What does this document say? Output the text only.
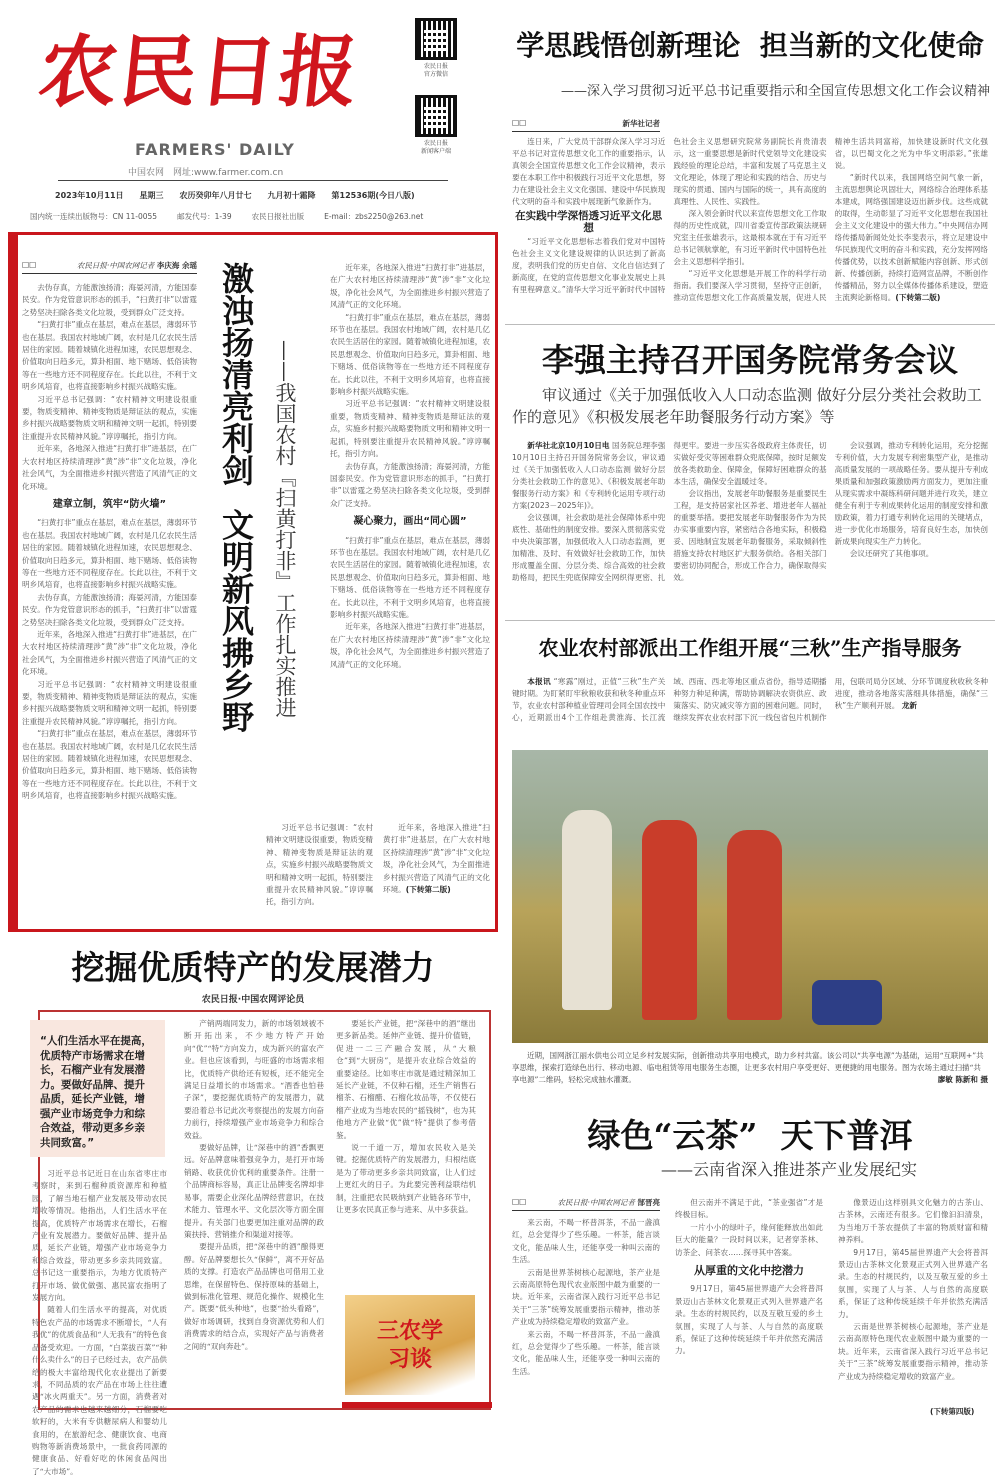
农民日报
FARMERS' DAILY
中国农网　网址:www.farmer.com.cn
2023年10月11日 星期三 农历癸卯年八月廿七 九月初十霜降 第12536期(今日八版)
国内统一连续出版物号：CN 11-0055	邮发代号：1-39	农民日报社出版	E-mail：zbs2250@263.net
农民日报
官方微信
农民日报
新闻客户端
学思践悟创新理论  担当新的文化使命
——深入学习贯彻习近平总书记重要指示和全国宣传思想文化工作会议精神
□□	新华社记者

连日来，广大党员干部群众深入学习习近平总书记对宣传思想文化工作的重要指示，认真领会全国宣传思想文化工作会议精神，表示要在本职工作中积极践行习近平文化思想，努力在建设社会主义文化强国、建设中华民族现代文明的奋斗和实践中展现新气象新作为。

在实践中学深悟透习近平文化思想

“习近平文化思想标志着我们党对中国特色社会主义文化建设规律的认识达到了新高度，表明我们党的历史自信、文化自信达到了新高度，在党的宣传思想文化事业发展史上具有里程碑意义。”清华大学习近平新时代中国特色社会主义思想研究院常务副院长肖贵清表示，这一重要思想是新时代党领导文化建设实践经验的理论总结，丰富和发展了马克思主义文化理论，体现了理论和实践的结合、历史与现实的贯通、国内与国际的统一，具有高度的真理性、人民性、实践性。

深入领会新时代以来宣传思想文化工作取得的历史性成就，四川省委宣传部政策法规研究室主任张雄表示，这最根本就在于有习近平总书记领航掌舵，有习近平新时代中国特色社会主义思想科学指引。

“习近平文化思想是开展工作的科学行动指南。我们要深入学习贯彻，坚持守正创新，推动宣传思想文化工作高质量发展，促进人民精神生活共同富裕，加快建设新时代文化强省，以巴蜀文化之光为中华文明添彩。”张雄说。

“新时代以来，我国网络空间气象一新，主流思想舆论巩固壮大，网络综合治理体系基本建成，网络强国建设迈出新步伐。这些成就的取得，生动彰显了习近平文化思想在我国社会主义文化建设中的强大伟力。”中央网信办网络传播局新闻处处长李斐表示，将立足建设中华民族现代文明的奋斗和实践，充分发挥网络传播优势，以技术创新赋能内容创新、形式创新、传播创新，持续打造网宣品牌，不断创作传播精品，努力以全媒体传播体系建设，塑造主流舆论新格局。(下转第二版)

□□	农民日报·中国农网记者 李庆海 余瑶

去伪存真，方能激浊扬清；海晏河清，方能国泰民安。作为党管意识形态的抓手，“扫黄打非”以雷霆之势坚决扫除各类文化垃圾，受到群众广泛支持。

“扫黄打非”重点在基层，难点在基层，薄弱环节也在基层。我国农村地域广阔，农村是几亿农民生活居住的家园。随着城镇化进程加速，农民思想观念、价值取向日趋多元，算卦相面、地下赌场、低俗读物等在一些地方还不同程度存在。长此以往，不利于文明乡风培育，也将直接影响乡村振兴战略实施。

习近平总书记强调：“农村精神文明建设很重要，物质变精神、精神变物质是辩证法的观点，实施乡村振兴战略要物质文明和精神文明一起抓，特别要注重提升农民精神风貌。”谆谆嘱托，指引方向。

近年来，各地深入推进“扫黄打非”进基层，在广大农村地区持续清理涉“黄”涉“非”文化垃圾，净化社会风气，为全面推进乡村振兴营造了风清气正的文化环境。

建章立制，筑牢“防火墙”

“扫黄打非”重点在基层，难点在基层，薄弱环节也在基层。我国农村地域广阔，农村是几亿农民生活居住的家园。随着城镇化进程加速，农民思想观念、价值取向日趋多元，算卦相面、地下赌场、低俗读物等在一些地方还不同程度存在。长此以往，不利于文明乡风培育，也将直接影响乡村振兴战略实施。

去伪存真，方能激浊扬清；海晏河清，方能国泰民安。作为党管意识形态的抓手，“扫黄打非”以雷霆之势坚决扫除各类文化垃圾，受到群众广泛支持。

近年来，各地深入推进“扫黄打非”进基层，在广大农村地区持续清理涉“黄”涉“非”文化垃圾，净化社会风气，为全面推进乡村振兴营造了风清气正的文化环境。

习近平总书记强调：“农村精神文明建设很重要，物质变精神、精神变物质是辩证法的观点，实施乡村振兴战略要物质文明和精神文明一起抓，特别要注重提升农民精神风貌。”谆谆嘱托，指引方向。

“扫黄打非”重点在基层，难点在基层，薄弱环节也在基层。我国农村地域广阔，农村是几亿农民生活居住的家园。随着城镇化进程加速，农民思想观念、价值取向日趋多元，算卦相面、地下赌场、低俗读物等在一些地方还不同程度存在。长此以往，不利于文明乡风培育，也将直接影响乡村振兴战略实施。

激浊扬清亮利剑  文明新风拂乡野 ——我国农村『扫黄打非』工作扎实推进

近年来，各地深入推进“扫黄打非”进基层，在广大农村地区持续清理涉“黄”涉“非”文化垃圾，净化社会风气，为全面推进乡村振兴营造了风清气正的文化环境。

“扫黄打非”重点在基层，难点在基层，薄弱环节也在基层。我国农村地域广阔，农村是几亿农民生活居住的家园。随着城镇化进程加速，农民思想观念、价值取向日趋多元，算卦相面、地下赌场、低俗读物等在一些地方还不同程度存在。长此以往，不利于文明乡风培育，也将直接影响乡村振兴战略实施。

习近平总书记强调：“农村精神文明建设很重要，物质变精神、精神变物质是辩证法的观点，实施乡村振兴战略要物质文明和精神文明一起抓，特别要注重提升农民精神风貌。”谆谆嘱托，指引方向。

去伪存真，方能激浊扬清；海晏河清，方能国泰民安。作为党管意识形态的抓手，“扫黄打非”以雷霆之势坚决扫除各类文化垃圾，受到群众广泛支持。

凝心聚力，画出“同心圆”

“扫黄打非”重点在基层，难点在基层，薄弱环节也在基层。我国农村地域广阔，农村是几亿农民生活居住的家园。随着城镇化进程加速，农民思想观念、价值取向日趋多元，算卦相面、地下赌场、低俗读物等在一些地方还不同程度存在。长此以往，不利于文明乡风培育，也将直接影响乡村振兴战略实施。

近年来，各地深入推进“扫黄打非”进基层，在广大农村地区持续清理涉“黄”涉“非”文化垃圾，净化社会风气，为全面推进乡村振兴营造了风清气正的文化环境。

习近平总书记强调：“农村精神文明建设很重要，物质变精神、精神变物质是辩证法的观点，实施乡村振兴战略要物质文明和精神文明一起抓，特别要注重提升农民精神风貌。”谆谆嘱托，指引方向。

近年来，各地深入推进“扫黄打非”进基层，在广大农村地区持续清理涉“黄”涉“非”文化垃圾，净化社会风气，为全面推进乡村振兴营造了风清气正的文化环境。(下转第二版)

挖掘优质特产的发展潜力
农民日报·中国农网评论员
“人们生活水平在提高，优质特产市场需求在增长，石榴产业有发展潜力。要做好品牌、提升品质，延长产业链，增强产业市场竞争力和综合效益，带动更多乡亲共同致富。”

习近平总书记近日在山东省枣庄市考察时，来到石榴种质资源库和种植园，了解当地石榴产业发展及带动农民增收等情况。他指出，人们生活水平在提高，优质特产市场需求在增长，石榴产业有发展潜力。要做好品牌、提升品质，延长产业链，增强产业市场竞争力和综合效益，带动更多乡亲共同致富。总书记这一重要指示，为地方优质特产打开市场、做优做强、惠民富农指明了发展方向。

随着人们生活水平的提高，对优质特色农产品的市场需求不断增长，“人有我优”的优质食品和“人无我有”的特色食品备受欢迎。一方面，“白菜拔百菜”“种什么卖什么”的日子已经过去，农产品供给的极大丰富给现代化农业提出了新要求，不同品质的农产品在市场上往往遭遇“冰火两重天”。另一方面，消费者对农产品的需求也越来越细分，石榴要吃软籽的，大米有专供糖尿病人和婴幼儿食用的，在旅游纪念、健康饮食、电商购物等新消费场景中，一批食药同源的健康食品、好看好吃的休闲食品闯出了“大市场”。

产销两端同发力，新的市场领域被不断开拓出来，不少地方特产开始向“优”“特”方向发力，成为新兴的富农产业。但也应该看到，与旺盛的市场需求相比，优质特产供给还有短板，还不能完全满足日益增长的市场需求。“酒香也怕巷子深”，要挖掘优质特产的发展潜力，就要沿着总书记此次考察提出的发展方向奋力前行，持续增强产业市场竞争力和综合效益。

要做好品牌，让“深巷中的酒”香飘更远。好品牌意味着强竞争力，是打开市场销路、收获优价优利的重要条件。注册一个品牌商标容易，真正让品牌变名牌却非易事，需要企业深化品牌经营意识，在技术能力、管理水平、文化层次等方面全面提升。有关部门也要更加注重对品牌的政策扶持、营销推介和渠道对接等。

要提升品质，把“深巷中的酒”酿得更醇。好品牌要想长久“保鲜”，离不开好品质的支撑。打造农产品品牌也可借用工业思维，在保留特色、保持原味的基础上，做到标准化管理、规范化操作、规模化生产。既要“低头种地”，也要“抬头看路”，做好市场调研，找到自身资源优势和人们消费需求的结合点，实现好产品与消费者之间的“双向奔赴”。

要延长产业链，把“深巷中的酒”继出更多新品类。延伸产业链、提升价值链，促进一二三产融合发展，从“大粮仓”到“大厨房”，是提升农业综合效益的重要途径。比如枣庄市就是通过精深加工延长产业链，不仅种石榴，还生产销售石榴茶、石榴醋、石榴化妆品等，不仅使石榴产业成为当地农民的“摇钱树”，也为其他地方产业做“优”做“特”提供了参考借鉴。

说一千道一万，增加农民收入是关键。挖掘优质特产的发展潜力，归根结底是为了带动更多乡亲共同致富，让人们过上更红火的日子。为此要完善利益联结机制，注重把农民吸纳到产业链各环节中，让更多农民真正参与进来、从中多获益。

三农学习谈
李强主持召开国务院常务会议
审议通过《关于加强低收入人口动态监测 做好分层分类社会救助工作的意见》《积极发展老年助餐服务行动方案》等

新华社北京10月10日电 国务院总理李强10月10日主持召开国务院常务会议，审议通过《关于加强低收入人口动态监测 做好分层分类社会救助工作的意见》、《积极发展老年助餐服务行动方案》和《专利转化运用专项行动方案(2023－2025年)》。

会议强调，社会救助是社会保障体系中兜底性、基础性的制度安排。要深入贯彻落实党中央决策部署，加强低收入人口动态监测，更加精准、及时、有效做好社会救助工作，加快形成覆盖全面、分层分类、综合高效的社会救助格局，把民生兜底保障安全网织得更密、扎得更牢。要进一步压实各级政府主体责任，切实做好受灾等困难群众兜底保障，按时足额发放各类救助金、保障金，保障好困难群众的基本生活，确保安全温暖过冬。

会议指出，发展老年助餐服务是重要民生工程，是支持居家社区养老、增进老年人福祉的重要举措。要把发展老年助餐服务作为为民办实事重要内容，紧密结合各地实际，积极稳妥、因地制宜发展老年助餐服务，采取倾斜性措施支持农村地区扩大服务供给。各相关部门要密切协同配合，形成工作合力，确保取得实效。

会议强调，推动专利转化运用，充分挖掘专利价值，大力发展专利密集型产业，是推动高质量发展的一项战略任务。要从提升专利成果质量和加强政策激励两方面发力，更加注重从现实需求中凝练科研问题并进行攻关，建立健全有利于专利成果转化运用的制度安排和激励政策，着力打通专利转化运用的关键堵点，进一步优化市场服务，培育良好生态，加快创新成果向现实生产力转化。

会议还研究了其他事项。

农业农村部派出工作组开展“三秋”生产指导服务

本报讯 “寒露”刚过，正值“三秋”生产关键时期。为盯紧盯牢秋粮收获和秋冬种重点环节，农业农村部种植业管理司会同全国农技中心，近期派出4个工作组赴黄淮海、长江流域、西南、西北等地区重点省份，指导适期播种努力种足种满，帮助协调解决农资供应、政策落实、防灾减灾等方面的困难问题。同时，继续发挥农业农村部下沉一线包省包片机制作用，包联司局分区域、分环节调度秋收秋冬种进度，推动各地落实落细具体措施，确保“三秋”生产顺利开展。 龙新

近期，国网浙江丽水供电公司立足乡村发展实际，创新推动共享用电模式，助力乡村共富。该公司以“共享电源”为基础，运用“互联网+”共享思维，探索打造绿色出行、移动电源、临电租赁等用电服务生态圈，让更多农村用户享受更好、更便捷的用电服务。图为农场主通过扫描“共享电源”二维码，轻松完成抽水灌溉。	廖敏 陈新和 摄
绿色“云茶”  天下普洱
——云南省深入推进茶产业发展纪实
□□	农民日报·中国农网记者 郜晋亮

来云南，不喝一杯普洱茶，不品一盏滇红，总会觉得少了些乐趣。一杯茶，能言谈文化，能品味人生，还能享受一种叫云南的生活。

云南是世界茶树核心起源地，茶产业是云南高原特色现代农业版图中最为重要的一块。近年来，云南省深入践行习近平总书记关于“三茶”统筹发展重要指示精神，推动茶产业成为持续稳定增收的致富产业。

来云南，不喝一杯普洱茶，不品一盏滇红，总会觉得少了些乐趣。一杯茶，能言谈文化，能品味人生，还能享受一种叫云南的生活。

但云南并不满足于此，“茶业强省”才是终极目标。

一片小小的绿叶子，缘何能释放出如此巨大的能量？一段时间以来，记者穿茶林、访茶企、问茶农……探寻其中答案。

从厚重的文化中挖潜力

9月17日，第45届世界遗产大会将普洱景迈山古茶林文化景观正式列入世界遗产名录。生态的村规民约，以及互敬互爱的乡土氛围，实现了人与茶、人与自然的高度联系，保证了这种传统延续千年并依然充满活力。

像景迈山这样别具文化魅力的古茶山、古茶林，云南还有很多。它们像汩汩清泉，为当地万千茶农提供了丰富的物质财富和精神养料。

9月17日，第45届世界遗产大会将普洱景迈山古茶林文化景观正式列入世界遗产名录。生态的村规民约，以及互敬互爱的乡土氛围，实现了人与茶、人与自然的高度联系，保证了这种传统延续千年并依然充满活力。

云南是世界茶树核心起源地，茶产业是云南高原特色现代农业版图中最为重要的一块。近年来，云南省深入践行习近平总书记关于“三茶”统筹发展重要指示精神，推动茶产业成为持续稳定增收的致富产业。

(下转第四版)
